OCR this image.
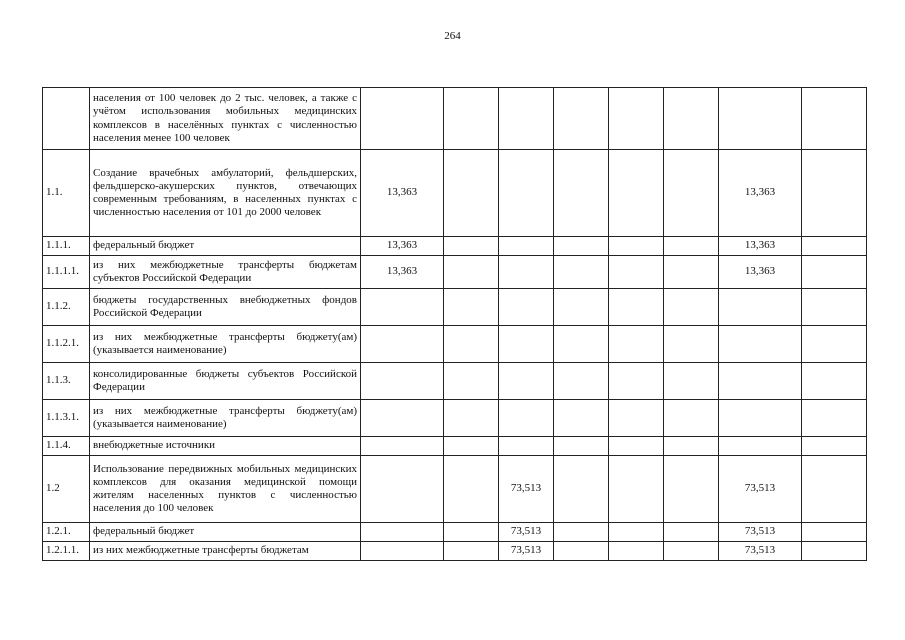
264
	населения от 100 человек до 2 тыс. человек, а также с учётом использования мобильных медицинских комплексов в населённых пунктах с численностью населения менее 100 человек								
1.1.	Создание врачебных амбулаторий, фельдшерских, фельдшерско-акушерских пунктов, отвечающих современным требованиям, в населенных пунктах с численностью населения от 101 до 2000 человек	13,363						13,363	
1.1.1.	федеральный бюджет	13,363						13,363	
1.1.1.1.	из них межбюджетные трансферты бюджетам субъектов Российской Федерации	13,363						13,363	
1.1.2.	бюджеты государственных внебюджетных фондов Российской Федерации								
1.1.2.1.	из них межбюджетные трансферты бюджету(ам) (указывается наименование)								
1.1.3.	консолидированные бюджеты субъектов Российской Федерации								
1.1.3.1.	из них межбюджетные трансферты бюджету(ам) (указывается наименование)								
1.1.4.	внебюджетные источники								
1.2	Использование передвижных мобильных медицинских комплексов для оказания медицинской помощи жителям населенных пунктов с численностью населения до 100 человек			73,513				73,513	
1.2.1.	федеральный бюджет			73,513				73,513	
1.2.1.1.	из них межбюджетные трансферты бюджетам			73,513				73,513	
